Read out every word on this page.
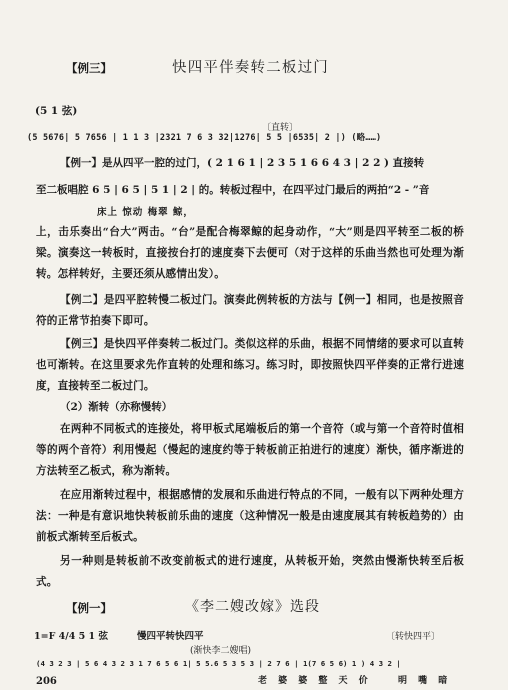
【例三】	快四平伴奏转二板过门
(5 1 弦)
〔直转〕
(5 5676| 5 7656 | 1 1 3 |2321 7 6 3 32|1276| 5 5 |6535| 2 |) (略……)
【例一】是从四平一腔的过门，( 2 1 6 1 | 2 3 5 1 6 6 4 3 | 2 2 ) 直接转
至二板唱腔 6 5 | 6 5 | 5 1 | 2 | 的。转板过程中，在四平过门最后的两拍“2 - ”音
床上 惊动 梅翠 鲸，
上，击乐奏出“台大”两击。“台”是配合梅翠鲸的起身动作，“大”则是四平转至二板的桥梁。演奏这一转板时，直接按台打的速度奏下去便可（对于这样的乐曲当然也可处理为渐转。怎样转好，主要还须从感情出发）。
【例二】是四平腔转慢二板过门。演奏此例转板的方法与【例一】相同，也是按照音符的正常节拍奏下即可。
【例三】是快四平伴奏转二板过门。类似这样的乐曲，根据不同情绪的要求可以直转也可渐转。在这里要求先作直转的处理和练习。练习时，即按照快四平伴奏的正常行进速度，直接转至二板过门。
（2）渐转（亦称慢转）
在两种不同板式的连接处，将甲板式尾端板后的第一个音符（或与第一个音符时值相等的两个音符）利用慢起（慢起的速度约等于转板前正拍进行的速度）渐快，循序渐进的方法转至乙板式，称为渐转。
在应用渐转过程中，根据感情的发展和乐曲进行特点的不同，一般有以下两种处理方法：一种是有意识地快转板前乐曲的速度（这种情况一般是由速度展其有转板趋势的）由前板式渐转至后板式。
另一种则是转板前不改变前板式的进行速度，从转板开始，突然由慢渐快转至后板式。
【例一】	《李二嫂改嫁》选段
1=F 4/4 5 1 弦	慢四平转快四平
(渐快李二嫂唱)
〔转快四平〕
(4 3 2 3 | 5 6 4 3 2 3 1 7 6 5 6 1| 5 5.6 5 3 5 3 | 2 7 6 | 1(7 6 5 6) 1 ) 4 3 2 |
老 婆 婆 整 天 价	明 嘴 暗
206
